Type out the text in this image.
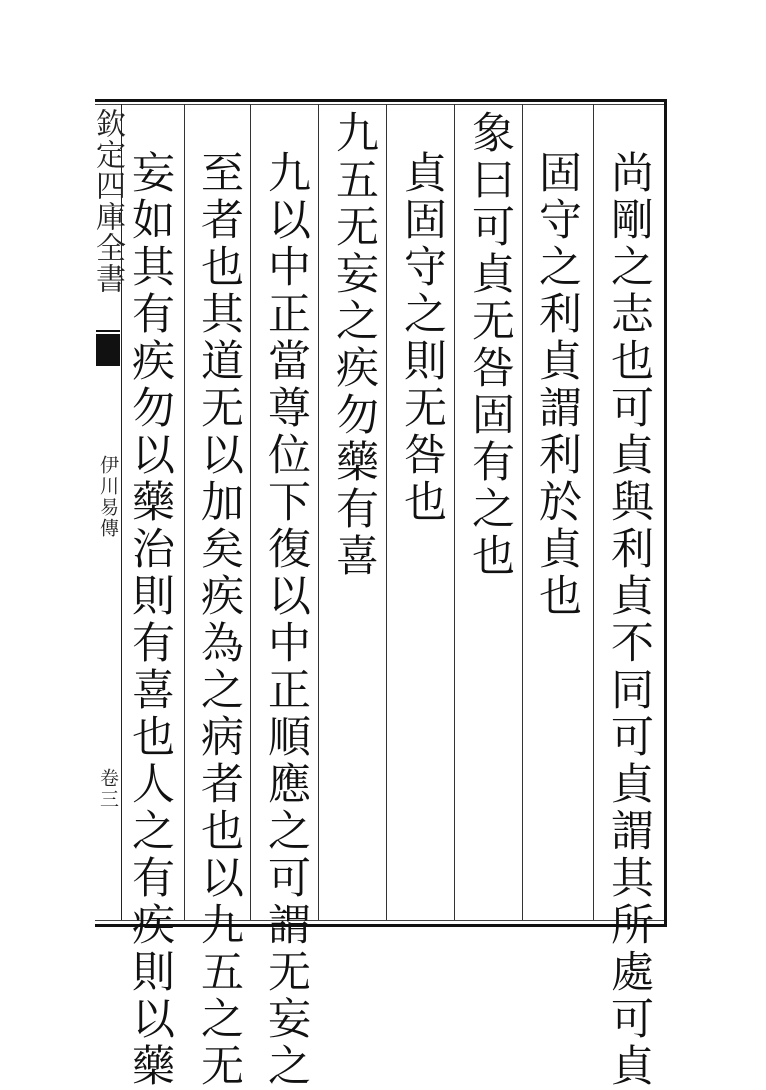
欽定四庫全書
伊川易傳
卷三	尚剛之志也可貞與利貞不同可貞謂其所處可貞
固守之利貞謂利於貞也
象曰可貞无咎固有之也
貞固守之則无咎也
九五无妄之疾勿藥有喜
九以中正當尊位下復以中正順應之可謂无妄之
至者也其道无以加矣疾為之病者也以九五之无
妄如其有疾勿以藥治則有喜也人之有疾則以藥
